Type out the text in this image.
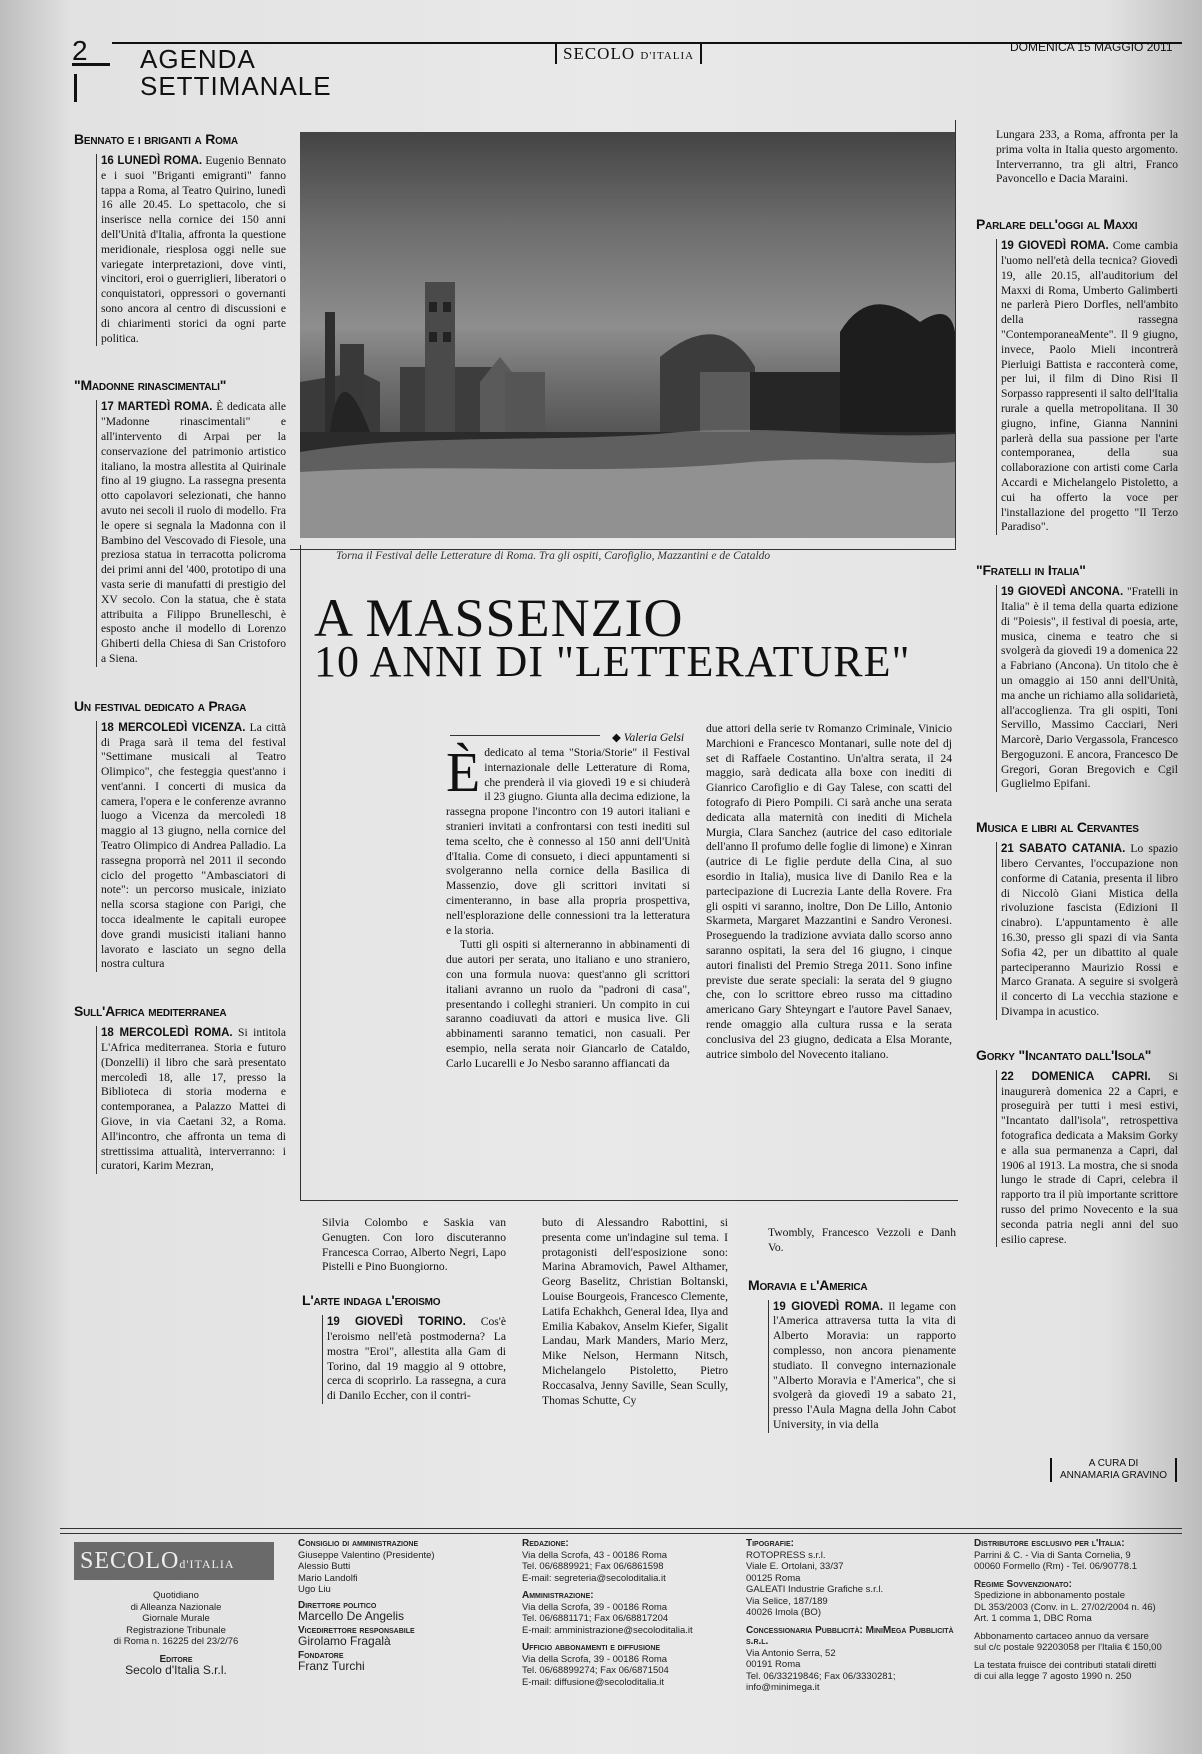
2	AGENDA
SETTIMANALE
SECOLO D'ITALIA
DOMENICA 15 MAGGIO 2011
Bennato e i briganti a Roma
16 LUNEDÌ ROMA. Eugenio Bennato e i suoi "Briganti emigranti" fanno tappa a Roma, al Teatro Quirino, lunedì 16 alle 20.45. Lo spettacolo, che si inserisce nella cornice dei 150 anni dell'Unità d'Italia, affronta la questione meridionale, riesplosa oggi nelle sue variegate interpretazioni, dove vinti, vincitori, eroi o guerriglieri, liberatori o conquistatori, oppressori o governanti sono ancora al centro di discussioni e di chiarimenti storici da ogni parte politica.
"Madonne rinascimentali"
17 MARTEDÌ ROMA. È dedicata alle "Madonne rinascimentali" e all'intervento di Arpai per la conservazione del patrimonio artistico italiano, la mostra allestita al Quirinale fino al 19 giugno. La rassegna presenta otto capolavori selezionati, che hanno avuto nei secoli il ruolo di modello. Fra le opere si segnala la Madonna con il Bambino del Vescovado di Fiesole, una preziosa statua in terracotta policroma dei primi anni del '400, prototipo di una vasta serie di manufatti di prestigio del XV secolo. Con la statua, che è stata attribuita a Filippo Brunelleschi, è esposto anche il modello di Lorenzo Ghiberti della Chiesa di San Cristoforo a Siena.
Un festival dedicato a Praga
18 MERCOLEDÌ VICENZA. La città di Praga sarà il tema del festival "Settimane musicali al Teatro Olimpico", che festeggia quest'anno i vent'anni. I concerti di musica da camera, l'opera e le conferenze avranno luogo a Vicenza da mercoledì 18 maggio al 13 giugno, nella cornice del Teatro Olimpico di Andrea Palladio. La rassegna proporrà nel 2011 il secondo ciclo del progetto "Ambasciatori di note": un percorso musicale, iniziato nella scorsa stagione con Parigi, che tocca idealmente le capitali europee dove grandi musicisti italiani hanno lavorato e lasciato un segno della nostra cultura
Sull'Africa mediterranea
18 MERCOLEDÌ ROMA. Si intitola L'Africa mediterranea. Storia e futuro (Donzelli) il libro che sarà presentato mercoledì 18, alle 17, presso la Biblioteca di storia moderna e contemporanea, a Palazzo Mattei di Giove, in via Caetani 32, a Roma. All'incontro, che affronta un tema di strettissima attualità, interverranno: i curatori, Karim Mezran,
Torna il Festival delle Letterature di Roma. Tra gli ospiti, Carofiglio, Mazzantini e de Cataldo
A MASSENZIO
10 ANNI DI "LETTERATURE"
◆ Valeria Gelsi
Èdedicato al tema "Storia/Storie" il Festival internazionale delle Letterature di Roma, che prenderà il via giovedì 19 e si chiuderà il 23 giugno. Giunta alla decima edizione, la rassegna propone l'incontro con 19 autori italiani e stranieri invitati a confrontarsi con testi inediti sul tema scelto, che è connesso al 150 anni dell'Unità d'Italia. Come di consueto, i dieci appuntamenti si svolgeranno nella cornice della Basilica di Massenzio, dove gli scrittori invitati si cimenteranno, in base alla propria prospettiva, nell'esplorazione delle connessioni tra la letteratura e la storia.

Tutti gli ospiti si alterneranno in abbinamenti di due autori per serata, uno italiano e uno straniero, con una formula nuova: quest'anno gli scrittori italiani avranno un ruolo da "padroni di casa", presentando i colleghi stranieri. Un compito in cui saranno coadiuvati da attori e musica live. Gli abbinamenti saranno tematici, non casuali. Per esempio, nella serata noir Giancarlo de Cataldo, Carlo Lucarelli e Jo Nesbo saranno affiancati da

due attori della serie tv Romanzo Criminale, Vinicio Marchioni e Francesco Montanari, sulle note del dj set di Raffaele Costantino. Un'altra serata, il 24 maggio, sarà dedicata alla boxe con inediti di Gianrico Carofiglio e di Gay Talese, con scatti del fotografo di Piero Pompili. Ci sarà anche una serata dedicata alla maternità con inediti di Michela Murgia, Clara Sanchez (autrice del caso editoriale dell'anno Il profumo delle foglie di limone) e Xinran (autrice di Le figlie perdute della Cina, al suo esordio in Italia), musica live di Danilo Rea e la partecipazione di Lucrezia Lante della Rovere. Fra gli ospiti vi saranno, inoltre, Don De Lillo, Antonio Skarmeta, Margaret Mazzantini e Sandro Veronesi. Proseguendo la tradizione avviata dallo scorso anno saranno ospitati, la sera del 16 giugno, i cinque autori finalisti del Premio Strega 2011. Sono infine previste due serate speciali: la serata del 9 giugno che, con lo scrittore ebreo russo ma cittadino americano Gary Shteyngart e l'autore Pavel Sanaev, rende omaggio alla cultura russa e la serata conclusiva del 23 giugno, dedicata a Elsa Morante, autrice simbolo del Novecento italiano.
Silvia Colombo e Saskia van Genugten. Con loro discuteranno Francesca Corrao, Alberto Negri, Lapo Pistelli e Pino Buongiorno.
L'arte indaga l'eroismo
19 GIOVEDÌ TORINO. Cos'è l'eroismo nell'età postmoderna? La mostra "Eroi", allestita alla Gam di Torino, dal 19 maggio al 9 ottobre, cerca di scoprirlo. La rassegna, a cura di Danilo Eccher, con il contri-
buto di Alessandro Rabottini, si presenta come un'indagine sul tema. I protagonisti dell'esposizione sono: Marina Abramovich, Pawel Althamer, Georg Baselitz, Christian Boltanski, Louise Bourgeois, Francesco Clemente, Latifa Echakhch, General Idea, Ilya and Emilia Kabakov, Anselm Kiefer, Sigalit Landau, Mark Manders, Mario Merz, Mike Nelson, Hermann Nitsch, Michelangelo Pistoletto, Pietro Roccasalva, Jenny Saville, Sean Scully, Thomas Schutte, Cy
Twombly, Francesco Vezzoli e Danh Vo.
Moravia e l'America
19 GIOVEDÌ ROMA. Il legame con l'America attraversa tutta la vita di Alberto Moravia: un rapporto complesso, non ancora pienamente studiato. Il convegno internazionale "Alberto Moravia e l'America", che si svolgerà da giovedì 19 a sabato 21, presso l'Aula Magna della John Cabot University, in via della
Lungara 233, a Roma, affronta per la prima volta in Italia questo argomento. Interverranno, tra gli altri, Franco Pavoncello e Dacia Maraini.
Parlare dell'oggi al Maxxi
19 GIOVEDÌ ROMA. Come cambia l'uomo nell'età della tecnica? Giovedì 19, alle 20.15, all'auditorium del Maxxi di Roma, Umberto Galimberti ne parlerà Piero Dorfles, nell'ambito della rassegna "ContemporaneaMente". Il 9 giugno, invece, Paolo Mieli incontrerà Pierluigi Battista e racconterà come, per lui, il film di Dino Risi Il Sorpasso rappresenti il salto dell'Italia rurale a quella metropolitana. Il 30 giugno, infine, Gianna Nannini parlerà della sua passione per l'arte contemporanea, della sua collaborazione con artisti come Carla Accardi e Michelangelo Pistoletto, a cui ha offerto la voce per l'installazione del progetto "Il Terzo Paradiso".
"Fratelli in Italia"
19 GIOVEDÌ ANCONA. "Fratelli in Italia" è il tema della quarta edizione di "Poiesis", il festival di poesia, arte, musica, cinema e teatro che si svolgerà da giovedì 19 a domenica 22 a Fabriano (Ancona). Un titolo che è un omaggio ai 150 anni dell'Unità, ma anche un richiamo alla solidarietà, all'accoglienza. Tra gli ospiti, Toni Servillo, Massimo Cacciari, Neri Marcorè, Dario Vergassola, Francesco Bergoguzoni. E ancora, Francesco De Gregori, Goran Bregovich e Cgil Guglielmo Epifani.
Musica e libri al Cervantes
21 SABATO CATANIA. Lo spazio libero Cervantes, l'occupazione non conforme di Catania, presenta il libro di Niccolò Giani Mistica della rivoluzione fascista (Edizioni Il cinabro). L'appuntamento è alle 16.30, presso gli spazi di via Santa Sofia 42, per un dibattito al quale parteciperanno Maurizio Rossi e Marco Granata. A seguire si svolgerà il concerto di La vecchia stazione e Divampa in acustico.
Gorky "Incantato dall'Isola"
22 DOMENICA CAPRI. Si inaugurerà domenica 22 a Capri, e proseguirà per tutti i mesi estivi, "Incantato dall'isola", retrospettiva fotografica dedicata a Maksim Gorky e alla sua permanenza a Capri, dal 1906 al 1913. La mostra, che si snoda lungo le strade di Capri, celebra il rapporto tra il più importante scrittore russo del primo Novecento e la sua seconda patria negli anni del suo esilio caprese.
A CURA DI
ANNAMARIA GRAVINO
SECOLOd'ITALIA
Quotidiano
di Alleanza Nazionale
Giornale Murale
Registrazione Tribunale
di Roma n. 16225 del 23/2/76
Editore
Secolo d'Italia S.r.l.
Consiglio di amministrazione
Giuseppe Valentino (Presidente)
Alessio Butti
Mario Landolfi
Ugo Liu
Direttore politico
Marcello De Angelis
Vicedirettore responsabile
Girolamo Fragalà
Fondatore
Franz Turchi
Redazione:
Via della Scrofa, 43 - 00186 Roma
Tel. 06/6889921; Fax 06/6861598
E-mail: segreteria@secoloditalia.it
Amministrazione:
Via della Scrofa, 39 - 00186 Roma
Tel. 06/6881171; Fax 06/68817204
E-mail: amministrazione@secoloditalia.it
Ufficio abbonamenti e diffusione
Via della Scrofa, 39 - 00186 Roma
Tel. 06/68899274; Fax 06/6871504
E-mail: diffusione@secoloditalia.it
Tipografie:
ROTOPRESS s.r.l.
Viale E. Ortolani, 33/37
00125 Roma
GALEATI Industrie Grafiche s.r.l.
Via Selice, 187/189
40026 Imola (BO)
Concessionaria Pubblicità: MiniMega Pubblicità s.r.l.
Via Antonio Serra, 52
00191 Roma
Tel. 06/33219846; Fax 06/3330281;
info@minimega.it
Distributore esclusivo per l'Italia:
Parrini & C. - Via di Santa Cornelia, 9
00060 Formello (Rm) - Tel. 06/90778.1
Regime Sovvenzionato:
Spedizione in abbonamento postale
DL 353/2003 (Conv. in L. 27/02/2004 n. 46)
Art. 1 comma 1, DBC Roma
Abbonamento cartaceo annuo da versare
sul c/c postale 92203058 per l'Italia € 150,00
La testata fruisce dei contributi statali diretti
di cui alla legge 7 agosto 1990 n. 250
